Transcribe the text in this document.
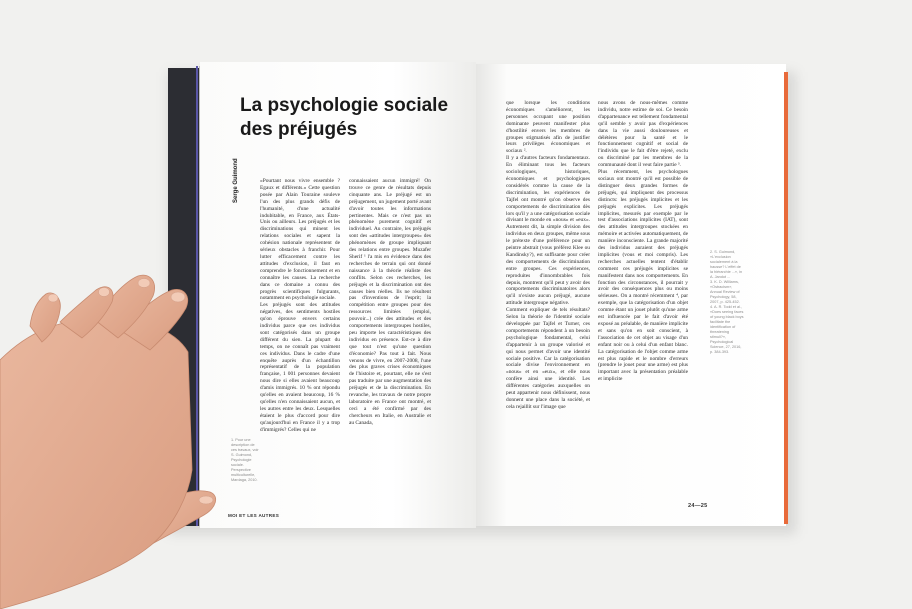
La psychologie sociale
des préjugés
Serge Guimond	«Pourtant nous vivre ensemble ? Egaux et différents.» Cette question posée par Alain Touraine souleve l'un des plus grands défis de l'humanité, d'une actualité indubitable, en France, aux États-Unis ou ailleurs. Les préjugés et les discriminations qui minent les relations sociales et sapent la cohésion nationale représentent de sérieux obstacles à franchir. Pour lutter efficacement contre les attitudes d'exclusion, il faut en comprendre le fonctionnement et en connaître les causes. La recherche dans ce domaine a connu des progrès scientifiques fulgurants, notamment en psychologie sociale.
Les préjugés sont des attitudes négatives, des sentiments hostiles qu'on éprouve envers certains individus parce que ces individus sont catégorisés dans un groupe différent du sien. La plupart du temps, on ne connaît pas vraiment ces individus. Dans le cadre d'une enquête auprès d'un échantillon représentatif de la population française, 1 001 personnes devaient nous dire si elles avaient beaucoup d'amis immigrés. 10 % ont répondu qu'elles en avaient beaucoup, 16 % qu'elles n'en connaissaient aucun, et les autres entre les deux. Lesquelles étaient le plus d'accord pour dire qu'aujourd'hui en France il y a trop d'immigrés? Celles qui ne
connaissaient aucun immigré! On trouve ce genre de résultats depuis cinquante ans. Le préjugé est un préjugement, un jugement porté avant d'avoir toutes les informations pertinentes. Mais ce n'est pas un phénomène purement cognitif et individuel. Au contraire, les préjugés sont des «attitudes intergroupes» des phénomènes de groupe impliquant des relations entre groupes. Muzafer Sherif ¹ l'a mis en évidence dans des recherches de terrain qui ont donné naissance à la théorie réaliste des conflits. Selon ces recherches, les préjugés et la discrimination ont des causes bien réelles. Ils ne résultent pas d'inventions de l'esprit; la compétition entre groupes pour des ressources limitées (emploi, pouvoir...) crée des attitudes et des comportements intergroupes hostiles, peu importe les caractéristiques des individus en présence. Est-ce à dire que tout n'est qu'une question d'économie? Pas tout à fait. Nous venons de vivre, en 2007-2008, l'une des plus graves crises économiques de l'histoire et, pourtant, elle ne s'est pas traduite par une augmentation des préjugés et de la discrimination. En revanche, les travaux de notre propre laboratoire en France ont montré, et ceci a été confirmé par des chercheurs en Italie, en Australie et au Canada,
1. Pour une description de ces travaux, voir S. Guimond, Psychologie sociale. Perspective multiculturelle, Mardaga, 2010.
MOI ET LES AUTRES
que lorsque les conditions économiques s'améliorent, les personnes occupant une position dominante peuvent manifester plus d'hostilité envers les membres de groupes stigmatisés afin de justifier leurs privilèges économiques et sociaux ².
Il y a d'autres facteurs fondamentaux. En éliminant tous les facteurs sociologiques, historiques, économiques et psychologiques considérés comme la cause de la discrimination, les expériences de Tajfel ont montré qu'on observe des comportements de discrimination dès lors qu'il y a une catégorisation sociale divisant le monde en «nous» et «eux». Autrement dit, la simple division des individus en deux groupes, même sous le prétexte d'une préférence pour un peintre abstrait (vous préférez Klee ou Kandinsky?), est suffisante pour créer des comportements de discrimination entre groupes. Ces expériences, reproduites d'innombrables fois depuis, montrent qu'il peut y avoir des comportements discriminatoires alors qu'il n'existe aucun préjugé, aucune attitude intergroupe négative.
Comment expliquer de tels résultats? Selon la théorie de l'identité sociale développée par Tajfel et Turner, ces comportements répondent à un besoin psychologique fondamental, celui d'appartenir à un groupe valorisé et qui nous permet d'avoir une identité sociale positive. Car la catégorisation sociale divise l'environnement en «nous» et en «eux», et elle nous confère ainsi une identité. Les différentes catégories auxquelles on peut appartenir nous définissent, nous donnent une place dans la société, et cela rejaillit sur l'image que
nous avons de nous-mêmes comme individu, notre estime de soi. Ce besoin d'appartenance est tellement fondamental qu'il semble y avoir pas d'expériences dans la vie aussi douloureuses et délétères pour la santé et le fonctionnement cognitif et social de l'individu que le fait d'être rejeté, exclu ou discriminé par les membres de la communauté dont il veut faire partie ³.
Plus récemment, les psychologues sociaux ont montré qu'il est possible de distinguer deux grandes formes de préjugés, qui impliquent des processus distincts: les préjugés implicites et les préjugés explicites. Les préjugés implicites, mesurés par exemple par le test d'associations implicites (IAT), sont des attitudes intergroupes stockées en mémoire et activées automatiquement, de manière inconsciente. La grande majorité des individus auraient des préjugés implicites (vous et moi compris). Les recherches actuelles tentent d'établir comment ces préjugés implicites se manifestent dans nos comportements. En fonction des circonstances, il pourrait y avoir des conséquences plus ou moins sérieuses. On a montré récemment ⁴, par exemple, que la catégorisation d'un objet comme étant un jouet plutôt qu'une arme est influencée par le fait d'avoir été exposé au préalable, de manière implicite et sans qu'on en soit conscient, à l'association de cet objet au visage d'un enfant noir ou à celui d'un enfant blanc. La catégorisation de l'objet comme arme est plus rapide et le nombre d'erreurs (prendre le jouet pour une arme) est plus important avec la présentation préalable et implicite
2. S. Guimond, «L'exclusion socialement à la hausse? L'effet de la hiérarchie ...», in A. Jandot ...
3. K. D. Williams, «Ostracism», Annual Review of Psychology, 58, 2007, p. 425-452.
4. A. R. Todd et al., «Does seeing faces of young black boys facilitate the identification of threatening stimuli?», Psychological Science, 27, 2016, p. 384-393.
24—25
